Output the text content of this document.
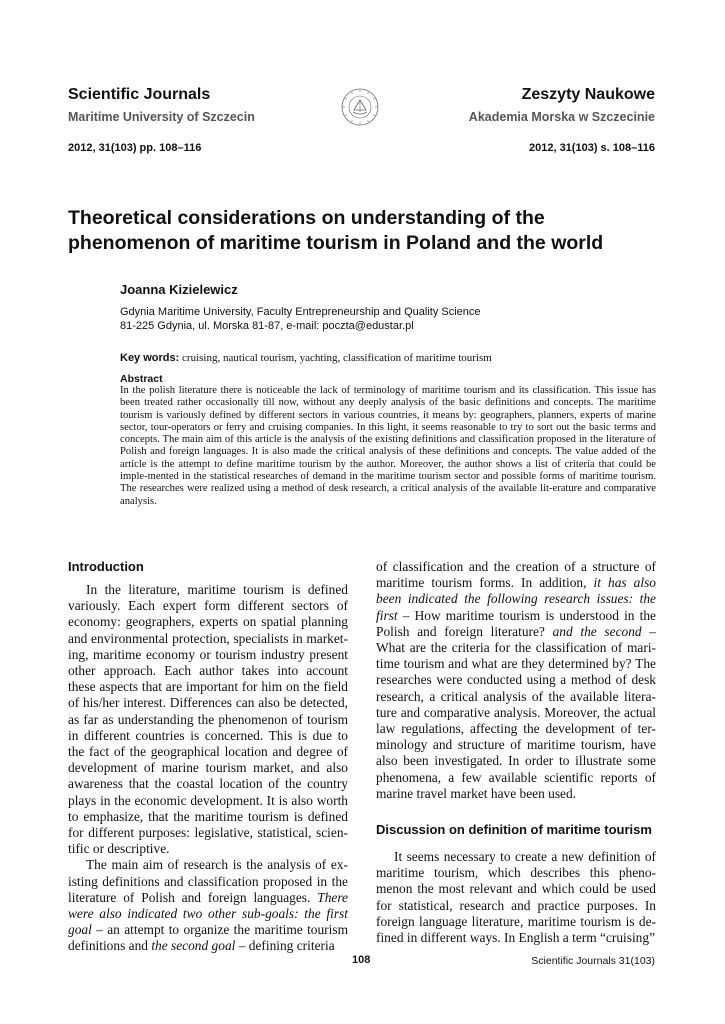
Scientific Journals
Maritime University of Szczecin
Zeszyty Naukowe
Akademia Morska w Szczecinie
2012, 31(103) pp. 108–116	2012, 31(103) s. 108–116
Theoretical considerations on understanding of the phenomenon of maritime tourism in Poland and the world
Joanna Kizielewicz
Gdynia Maritime University, Faculty Entrepreneurship and Quality Science
81-225 Gdynia, ul. Morska 81-87, e-mail: poczta@edustar.pl
Key words: cruising, nautical tourism, yachting, classification of maritime tourism
Abstract

In the polish literature there is noticeable the lack of terminology of maritime tourism and its classification. This issue has been treated rather occasionally till now, without any deeply analysis of the basic definitions and concepts. The maritime tourism is variously defined by different sectors in various countries, it means by: geographers, planners, experts of marine sector, tour-operators or ferry and cruising companies. In this light, it seems reasonable to try to sort out the basic terms and concepts. The main aim of this article is the analysis of the existing definitions and classification proposed in the literature of Polish and foreign languages. It is also made the critical analysis of these definitions and concepts. The value added of the article is the attempt to define maritime tourism by the author. Moreover, the author shows a list of criteria that could be imple-mented in the statistical researches of demand in the maritime tourism sector and possible forms of maritime tourism. The researches were realized using a method of desk research, a critical analysis of the available lit-erature and comparative analysis.

Introduction

In the literature, maritime tourism is defined variously. Each expert form different sectors of economy: geographers, experts on spatial planning and environmental protection, specialists in market-ing, maritime economy or tourism industry present other approach. Each author takes into account these aspects that are important for him on the field of his/her interest. Differences can also be detected, as far as understanding the phenomenon of tourism in different countries is concerned. This is due to the fact of the geographical location and degree of development of marine tourism market, and also awareness that the coastal location of the country plays in the economic development. It is also worth to emphasize, that the maritime tourism is defined for different purposes: legislative, statistical, scien-tific or descriptive.

The main aim of research is the analysis of ex-isting definitions and classification proposed in the literature of Polish and foreign languages. There were also indicated two other sub-goals: the first goal – an attempt to organize the maritime tourism definitions and the second goal – defining criteria

of classification and the creation of a structure of maritime tourism forms. In addition, it has also been indicated the following research issues: the first – How maritime tourism is understood in the Polish and foreign literature? and the second – What are the criteria for the classification of mari-time tourism and what are they determined by? The researches were conducted using a method of desk research, a critical analysis of the available litera-ture and comparative analysis. Moreover, the actual law regulations, affecting the development of ter-minology and structure of maritime tourism, have also been investigated. In order to illustrate some phenomena, a few available scientific reports of marine travel market have been used.

Discussion on definition of maritime tourism

It seems necessary to create a new definition of maritime tourism, which describes this pheno-menon the most relevant and which could be used for statistical, research and practice purposes. In foreign language literature, maritime tourism is de-fined in different ways. In English a term “cruising”

108	Scientific Journals 31(103)
